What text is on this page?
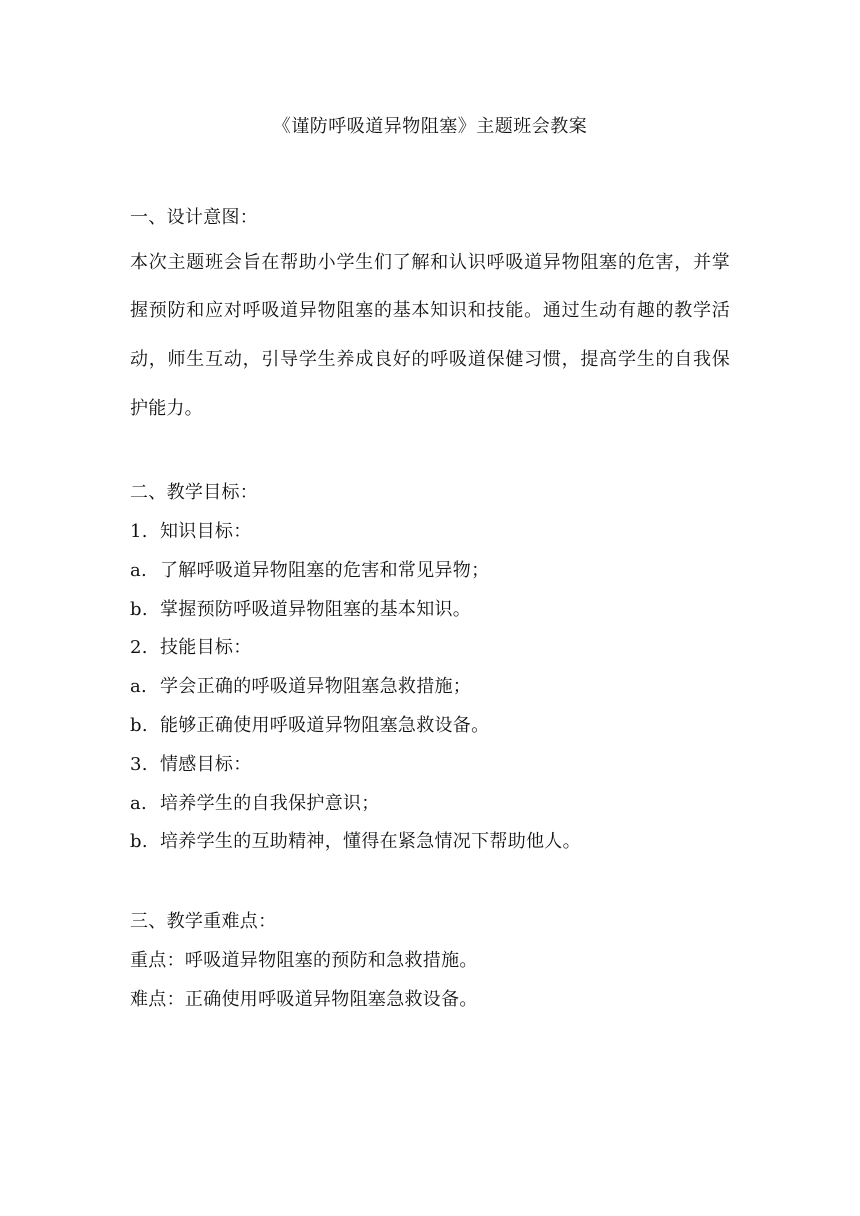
《谨防呼吸道异物阻塞》主题班会教案
一、设计意图：
本次主题班会旨在帮助小学生们了解和认识呼吸道异物阻塞的危害，并掌握预防和应对呼吸道异物阻塞的基本知识和技能。通过生动有趣的教学活动，师生互动，引导学生养成良好的呼吸道保健习惯，提高学生的自我保护能力。
二、教学目标：
1. 知识目标：
a. 了解呼吸道异物阻塞的危害和常见异物；
b. 掌握预防呼吸道异物阻塞的基本知识。
2. 技能目标：
a. 学会正确的呼吸道异物阻塞急救措施；
b. 能够正确使用呼吸道异物阻塞急救设备。
3. 情感目标：
a. 培养学生的自我保护意识；
b. 培养学生的互助精神，懂得在紧急情况下帮助他人。
三、教学重难点：
重点：呼吸道异物阻塞的预防和急救措施。
难点：正确使用呼吸道异物阻塞急救设备。
